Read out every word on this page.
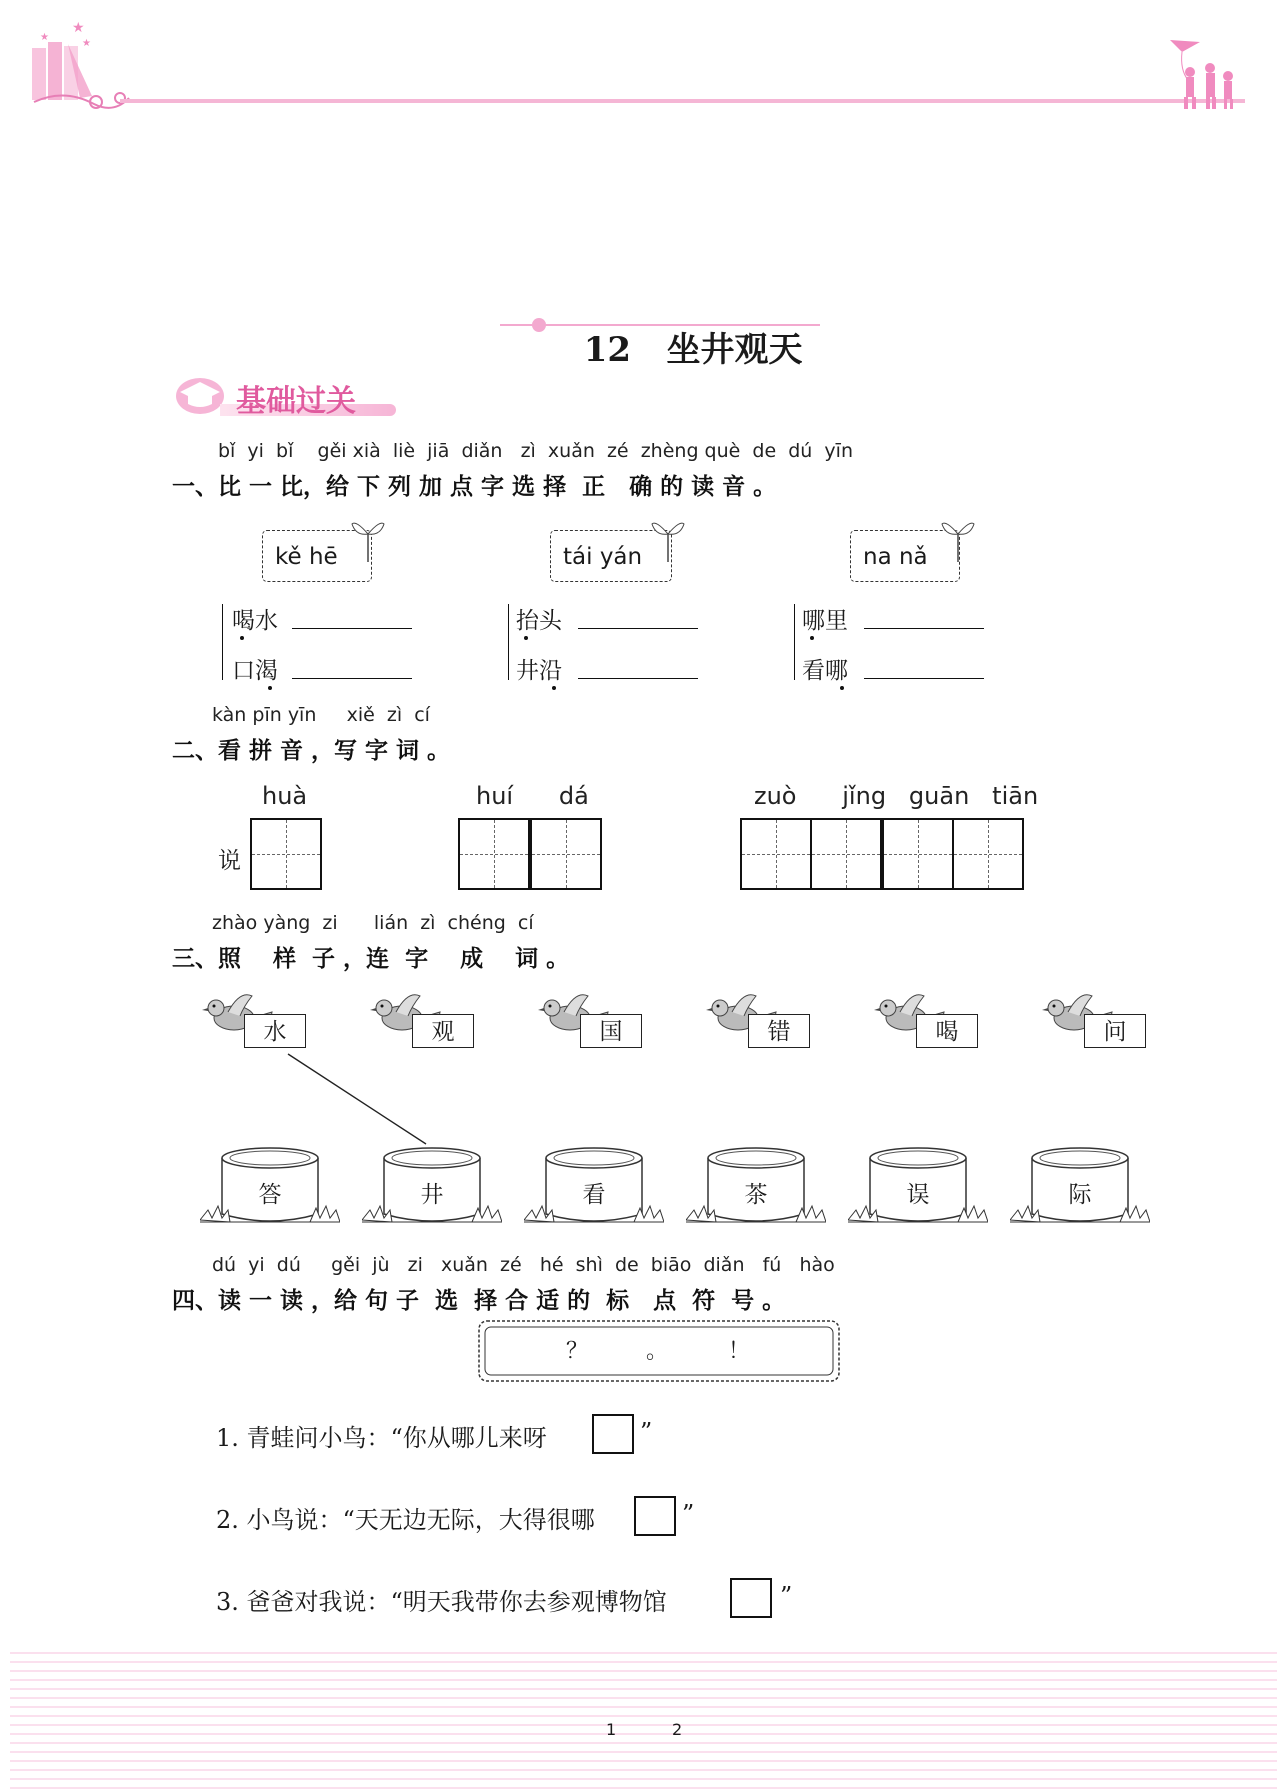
★
★
★

12 坐井观天

基础过关
bǐ  yi  bǐ    gěi xià  liè  jiā  diǎn   zì  xuǎn  zé  zhèng què  de  dú  yīn
一、比 一 比，给 下 列 加 点 字 选 择  正   确 的 读 音 。
kě hē
喝水
口渴
tái yán
抬头
井沿
na nǎ
哪里
看哪
kàn pīn yīn     xiě  zì  cí
二、看 拼 音 ，写 字 词 。
huà
说
huí      dá	zuò      jǐng   guān   tiān
zhào yàng  zi      lián  zì  chéng  cí
三、照    样  子 ，连  字    成    词 。
水	观	国	错	喝	问
答	井	看	茶	误	际
dú  yi  dú     gěi  jù   zi   xuǎn  zé   hé  shì  de  biāo  diǎn   fú   hào
四、读 一 读 ，给 句 子  选  择 合 适 的  标   点  符  号 。
？	。	！
1. 青蛙问小鸟：“你从哪儿来呀	”
2. 小鸟说：“天无边无际，大得很哪	”
3. 爸爸对我说：“明天我带你去参观博物馆	”
1	2
